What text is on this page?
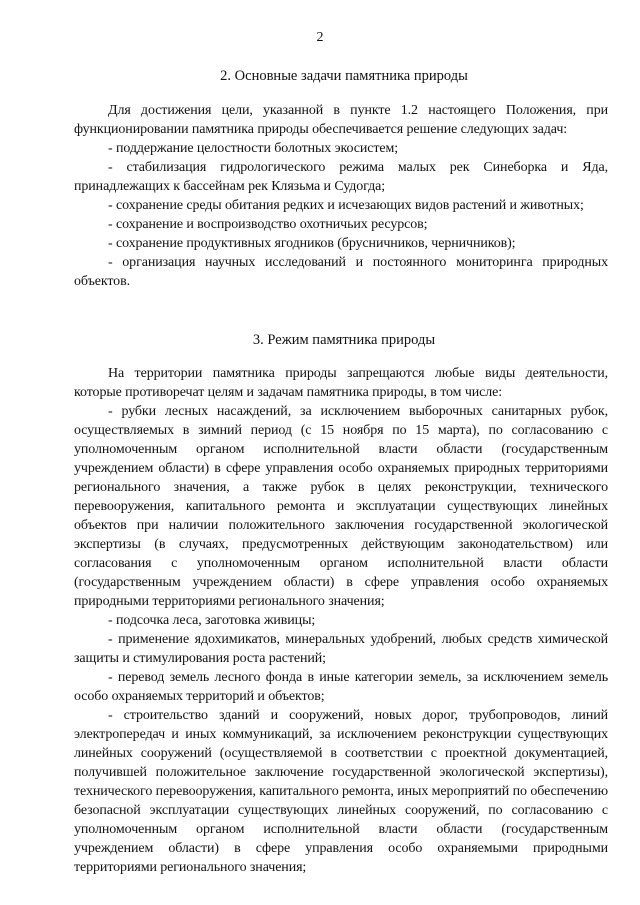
2
2. Основные задачи памятника природы

Для достижения цели, указанной в пункте 1.2 настоящего Положения, при функционировании памятника природы обеспечивается решение следующих задач:

- поддержание целостности болотных экосистем;

- стабилизация гидрологического режима малых рек Синеборка и Яда, принадлежащих к бассейнам рек Клязьма и Судогда;

- сохранение среды обитания редких и исчезающих видов растений и животных;

- сохранение и воспроизводство охотничьих ресурсов;

- сохранение продуктивных ягодников (брусничников, черничников);

- организация научных исследований и постоянного мониторинга природных объектов.

3. Режим памятника природы

На территории памятника природы запрещаются любые виды деятельности, которые противоречат целям и задачам памятника природы, в том числе:

- рубки лесных насаждений, за исключением выборочных санитарных рубок, осуществляемых в зимний период (с 15 ноября по 15 марта), по согласованию с уполномоченным органом исполнительной власти области (государственным учреждением области) в сфере управления особо охраняемых природных территориями регионального значения, а также рубок в целях реконструкции, технического перевооружения, капитального ремонта и эксплуатации существующих линейных объектов при наличии положительного заключения государственной экологической экспертизы (в случаях, предусмотренных действующим законодательством) или согласования с уполномоченным органом исполнительной власти области (государственным учреждением области) в сфере управления особо охраняемых природными территориями регионального значения;

- подсочка леса, заготовка живицы;

- применение ядохимикатов, минеральных удобрений, любых средств химической защиты и стимулирования роста растений;

- перевод земель лесного фонда в иные категории земель, за исключением земель особо охраняемых территорий и объектов;

- строительство зданий и сооружений, новых дорог, трубопроводов, линий электропередач и иных коммуникаций, за исключением реконструкции существующих линейных сооружений (осуществляемой в соответствии с проектной документацией, получившей положительное заключение государственной экологической экспертизы), технического перевооружения, капитального ремонта, иных мероприятий по обеспечению безопасной эксплуатации существующих линейных сооружений, по согласованию с уполномоченным органом исполнительной власти области (государственным учреждением области) в сфере управления особо охраняемыми природными территориями регионального значения;
